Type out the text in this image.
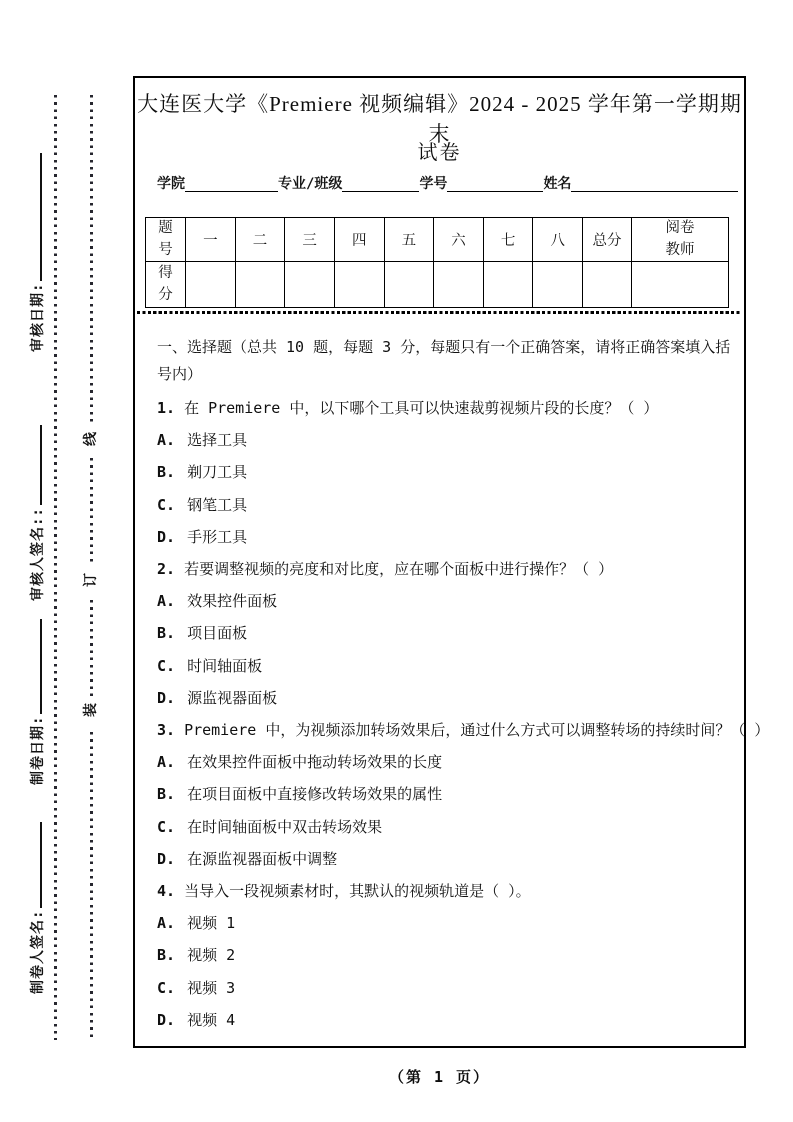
审核日期:
审核人签名::
制卷日期:
制卷人签名:
线
订
装
大连医大学《Premiere 视频编辑》2024 - 2025 学年第一学期期末
试卷
学院	专业/班级	学号	姓名
题号	一	二	三	四	五	六	七	八	总分	阅卷教师
得分										

一、选择题（总共 10 题，每题 3 分，每题只有一个正确答案，请将正确答案填入括号内）

1. 在 Premiere 中，以下哪个工具可以快速裁剪视频片段的长度？（ ）
A. 选择工具
B. 剃刀工具
C. 钢笔工具
D. 手形工具
2. 若要调整视频的亮度和对比度，应在哪个面板中进行操作？（ ）
A. 效果控件面板
B. 项目面板
C. 时间轴面板
D. 源监视器面板
3. Premiere 中，为视频添加转场效果后，通过什么方式可以调整转场的持续时间？（ ）
A. 在效果控件面板中拖动转场效果的长度
B. 在项目面板中直接修改转场效果的属性
C. 在时间轴面板中双击转场效果
D. 在源监视器面板中调整
4. 当导入一段视频素材时，其默认的视频轨道是（ ）。
A. 视频 1
B. 视频 2
C. 视频 3
D. 视频 4
（第 1 页）
